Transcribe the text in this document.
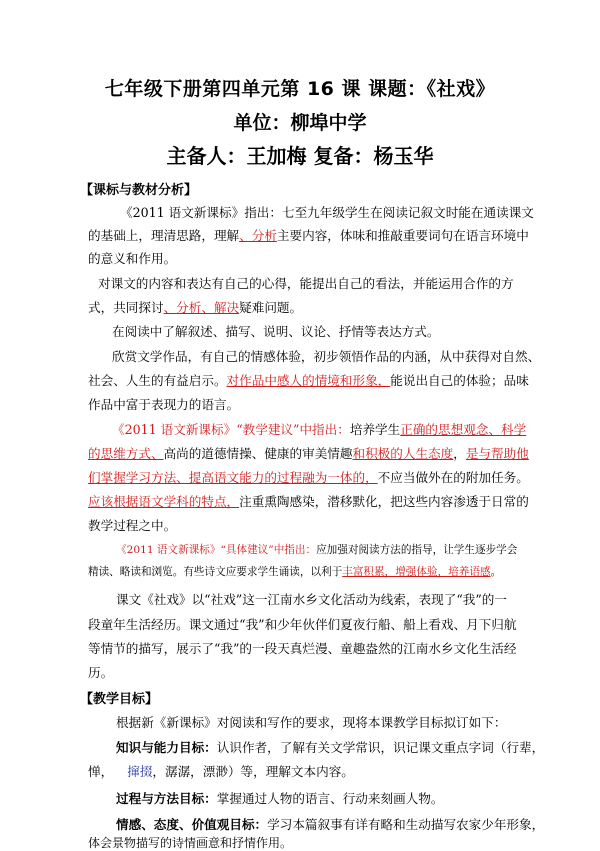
七年级下册第四单元第 16 课 课题：《社戏》
单位：柳埠中学
主备人：王加梅 复备：杨玉华
【课标与教材分析】
《2011 语文新课标》指出：七至九年级学生在阅读记叙文时能在通读课文
的基础上，理清思路，理解、分析主要内容，体味和推敲重要词句在语言环境中
的意义和作用。
对课文的内容和表达有自己的心得，能提出自己的看法，并能运用合作的方
式，共同探讨、分析、解决疑难问题。
在阅读中了解叙述、描写、说明、议论、抒情等表达方式。
欣赏文学作品，有自己的情感体验，初步领悟作品的内涵，从中获得对自然、
社会、人生的有益启示。对作品中感人的情境和形象，能说出自己的体验；品味
作品中富于表现力的语言。
《2011 语文新课标》“教学建议”中指出：培养学生正确的思想观念、科学
的思维方式、高尚的道德情操、健康的审美情趣和积极的人生态度，是与帮助他
们掌握学习方法、提高语文能力的过程融为一体的，不应当做外在的附加任务。
应该根据语文学科的特点，注重熏陶感染，潜移默化，把这些内容渗透于日常的
教学过程之中。
《2011 语文新课标》“具体建议”中指出：应加强对阅读方法的指导，让学生逐步学会
精读、略读和浏览。有些诗文应要求学生诵读，以利于丰富积累，增强体验，培养语感。
课文《社戏》以“社戏”这一江南水乡文化活动为线索，表现了“我”的一
段童年生活经历。课文通过“我”和少年伙伴们夏夜行船、船上看戏、月下归航
等情节的描写，展示了“我”的一段天真烂漫、童趣盎然的江南水乡文化生活经
历。
【教学目标】
根据新《新课标》对阅读和写作的要求，现将本课教学目标拟订如下：
知识与能力目标：认识作者，了解有关文学常识，识记课文重点字词（行辈，
惮， 撺掇，潺潺，漂渺）等，理解文本内容。
过程与方法目标：掌握通过人物的语言、行动来刻画人物。
情感、态度、价值观目标：学习本篇叙事有详有略和生动描写农家少年形象，
体会景物描写的诗情画意和抒情作用。
